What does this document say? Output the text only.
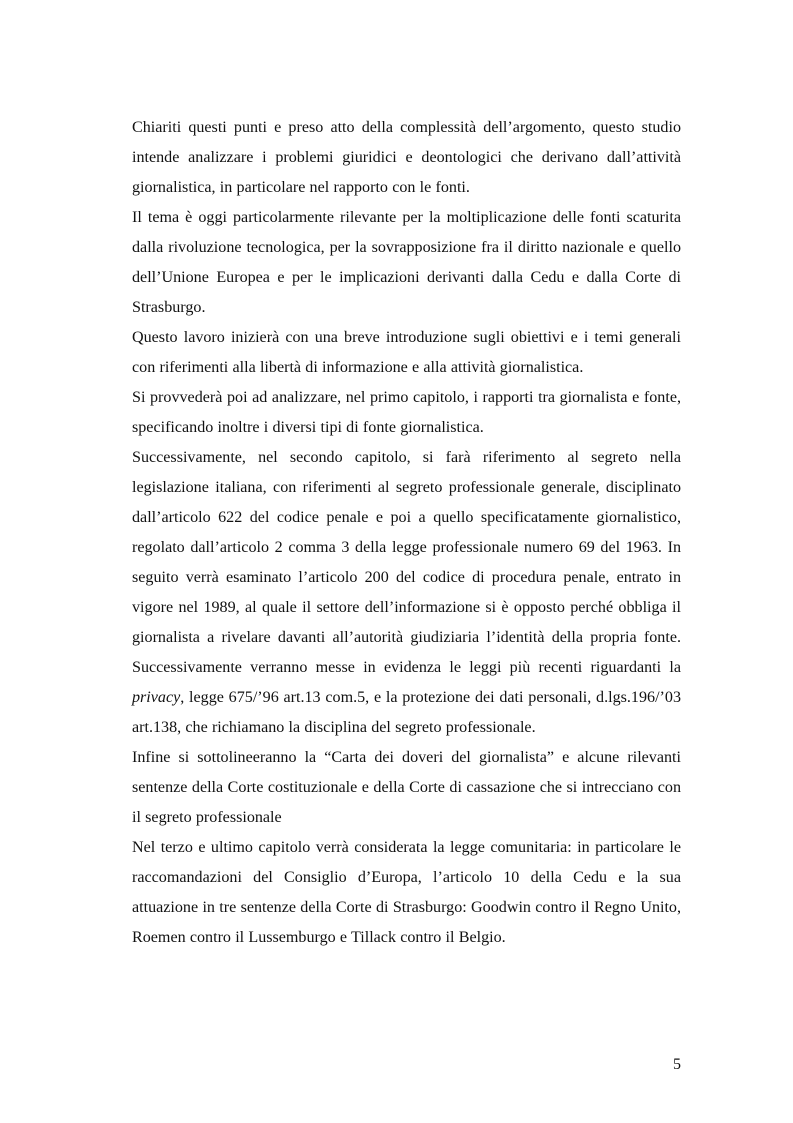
Chiariti questi punti e preso atto della complessità dell’argomento, questo studio intende analizzare i problemi giuridici e deontologici che derivano dall’attività giornalistica, in particolare nel rapporto con le fonti.

Il tema è oggi particolarmente rilevante per la moltiplicazione delle fonti scaturita dalla rivoluzione tecnologica, per la sovrapposizione fra il diritto nazionale e quello dell’Unione Europea e per le implicazioni derivanti dalla Cedu e dalla Corte di Strasburgo.

Questo lavoro inizierà con una breve introduzione sugli obiettivi e i temi generali con riferimenti alla libertà di informazione e alla attività giornalistica.

Si provvederà poi ad analizzare, nel primo capitolo, i rapporti tra giornalista e fonte, specificando inoltre i diversi tipi di fonte giornalistica.

Successivamente, nel secondo capitolo, si farà riferimento al segreto nella legislazione italiana, con riferimenti al segreto professionale generale, disciplinato dall’articolo 622 del codice penale e poi a quello specificatamente giornalistico, regolato dall’articolo 2 comma 3 della legge professionale numero 69 del 1963. In seguito verrà esaminato l’articolo 200 del codice di procedura penale, entrato in vigore nel 1989, al quale il settore dell’informazione si è opposto perché obbliga il giornalista a rivelare davanti all’autorità giudiziaria l’identità della propria fonte. Successivamente verranno messe in evidenza le leggi più recenti riguardanti la privacy, legge 675/’96 art.13 com.5, e la protezione dei dati personali, d.lgs.196/’03 art.138, che richiamano la disciplina del segreto professionale.

Infine si sottolineeranno la “Carta dei doveri del giornalista” e alcune rilevanti sentenze della Corte costituzionale e della Corte di cassazione che si intrecciano con il segreto professionale

Nel terzo e ultimo capitolo verrà considerata la legge comunitaria: in particolare le raccomandazioni del Consiglio d’Europa, l’articolo 10 della Cedu e la sua attuazione in tre sentenze della Corte di Strasburgo: Goodwin contro il Regno Unito, Roemen contro il Lussemburgo e Tillack contro il Belgio.

5
